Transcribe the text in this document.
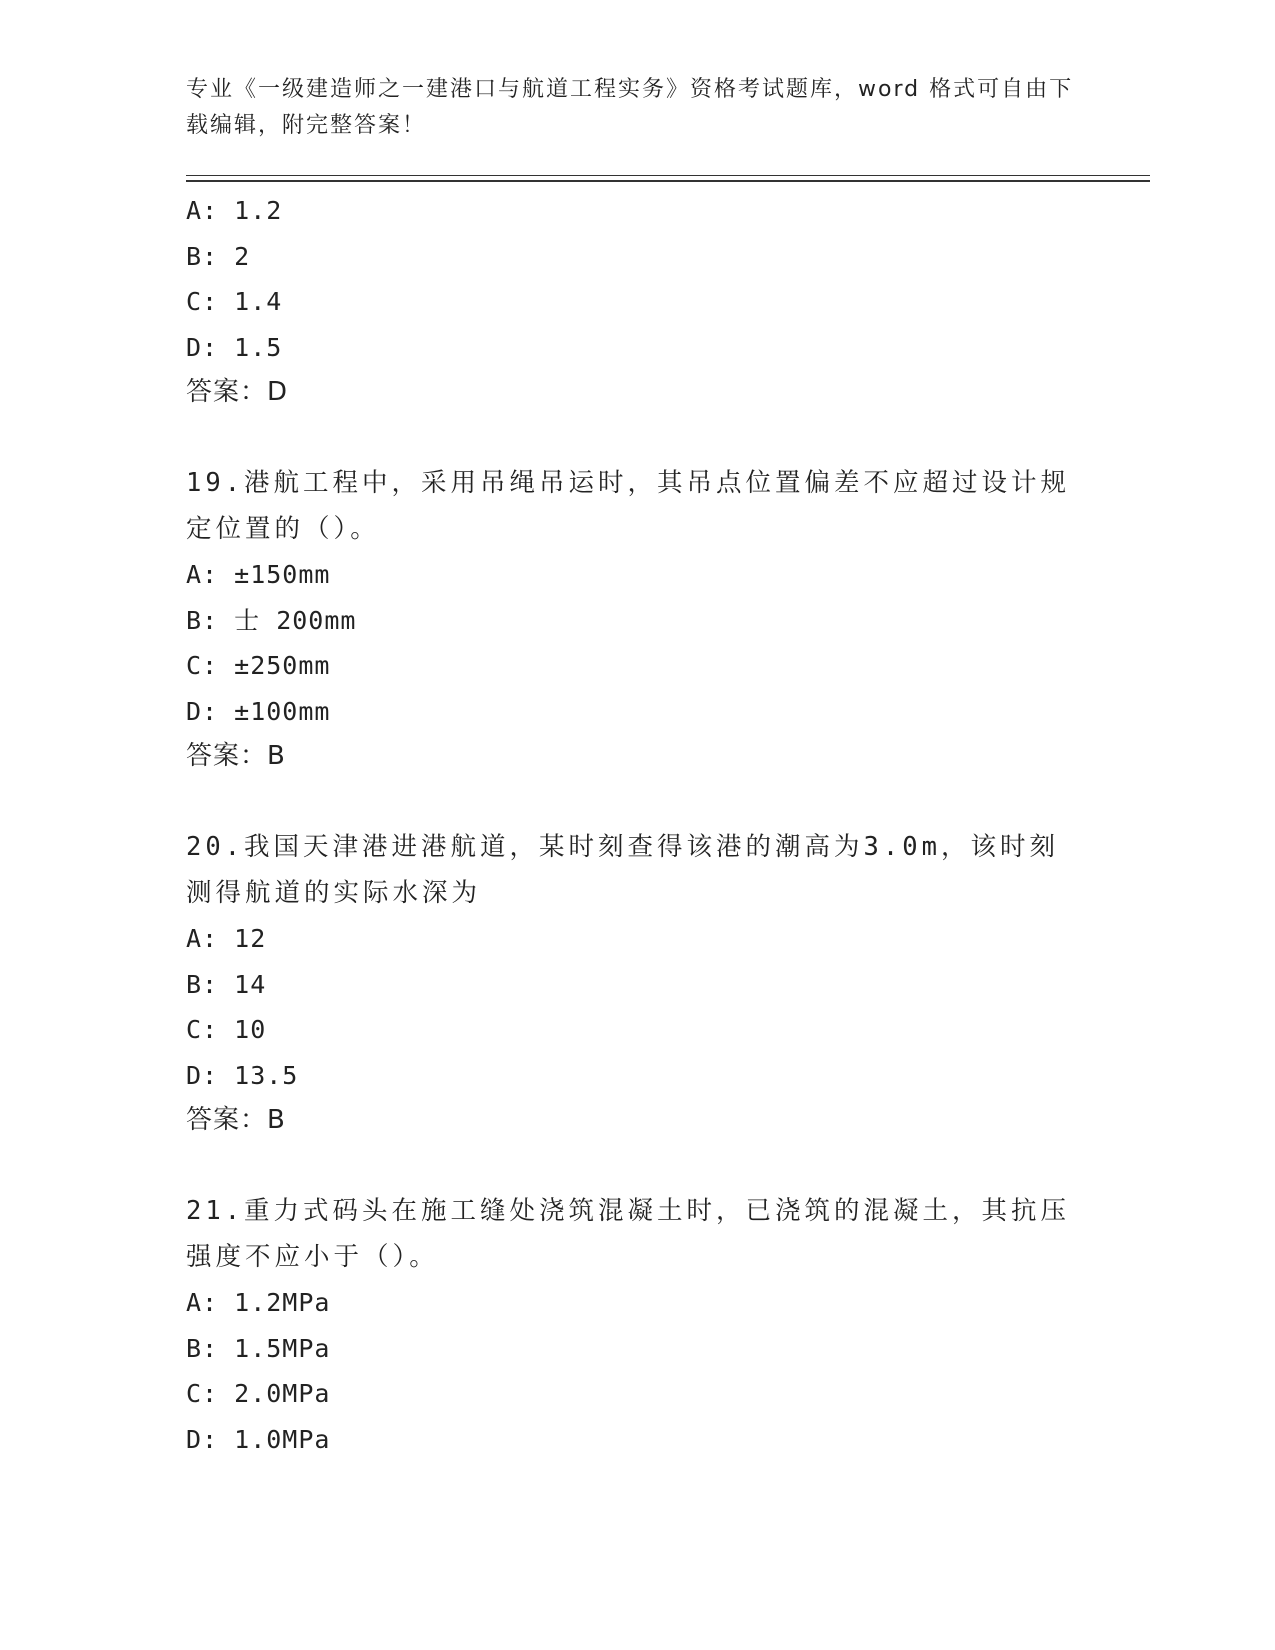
专业《一级建造师之一建港口与航道工程实务》资格考试题库，word 格式可自由下载编辑，附完整答案！
A: 1.2
B: 2
C: 1.4
D: 1.5
答案：D
19.港航工程中，采用吊绳吊运时，其吊点位置偏差不应超过设计规定位置的（）。
A: ±150mm
B: 士 200mm
C: ±250mm
D: ±100mm
答案：B
20.我国天津港进港航道，某时刻查得该港的潮高为3.0m，该时刻测得航道的实际水深为
A: 12
B: 14
C: 10
D: 13.5
答案：B
21.重力式码头在施工缝处浇筑混凝土时，已浇筑的混凝土，其抗压强度不应小于（）。
A: 1.2MPa
B: 1.5MPa
C: 2.0MPa
D: 1.0MPa
